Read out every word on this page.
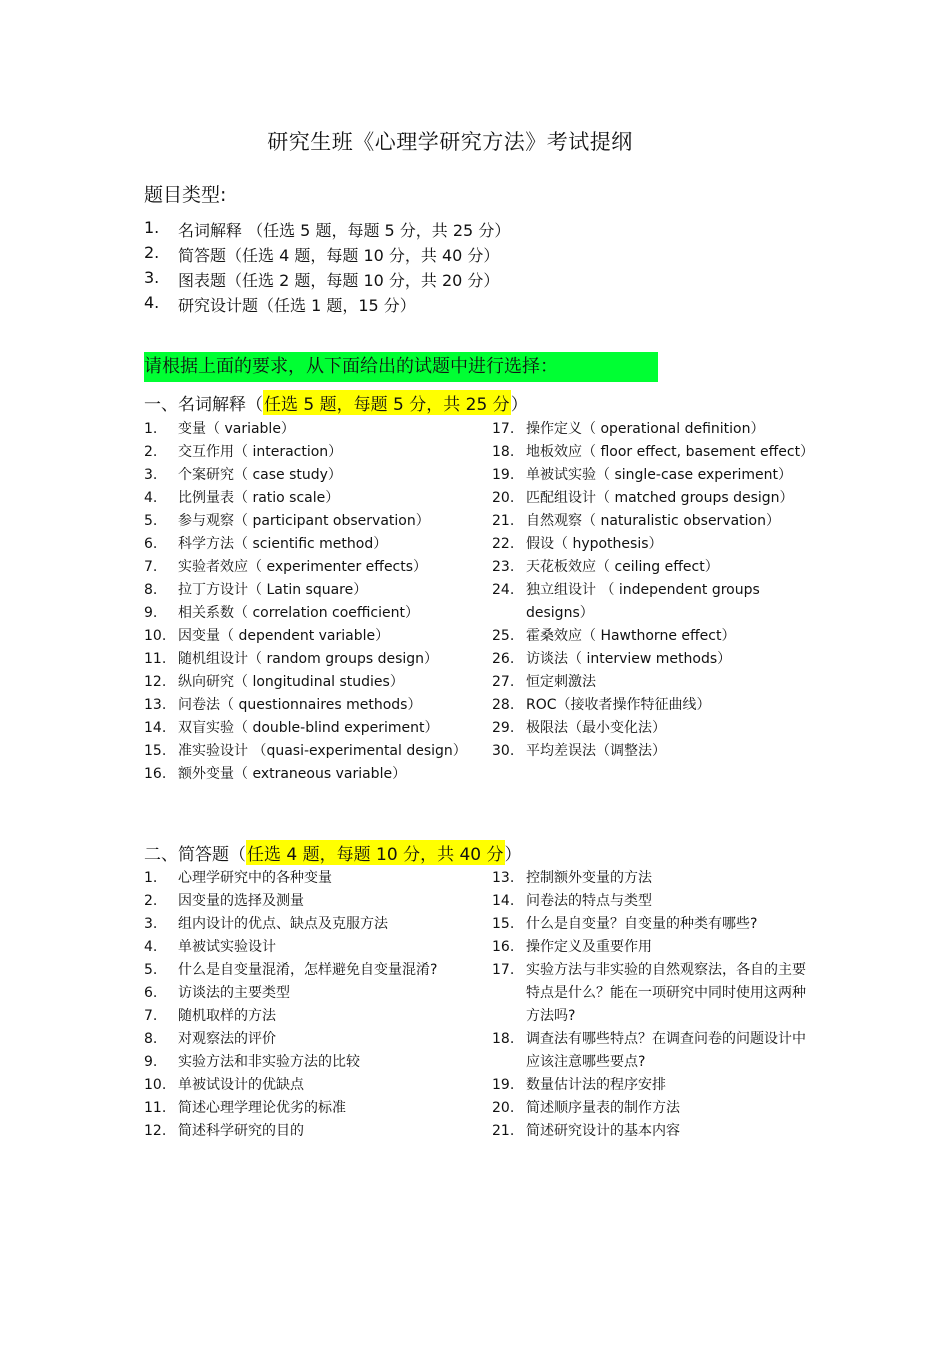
研究生班《心理学研究方法》考试提纲
题目类型:
1.	名词解释 （任选 5 题，每题 5 分，共 25 分）
2.	简答题（任选 4 题，每题 10 分，共 40 分）
3.	图表题（任选 2 题，每题 10 分，共 20 分）
4.	研究设计题（任选 1 题，15 分）
请根据上面的要求，从下面给出的试题中进行选择：
一、名词解释（ 任选 5 题，每题 5 分，共 25 分 ）
1.	变量（ variable）
2.	交互作用（ interaction）
3.	个案研究（ case study）
4.	比例量表（ ratio scale）
5.	参与观察（ participant observation）
6.	科学方法（ scientific method）
7.	实验者效应（ experimenter effects）
8.	拉丁方设计（ Latin square）
9.	相关系数（ correlation coefficient）
10. 因变量（ dependent variable）
11. 随机组设计（ random groups design）
12. 纵向研究（ longitudinal studies）
13. 问卷法（ questionnaires methods）
14. 双盲实验（ double-blind experiment）
15. 准实验设计 （quasi-experimental design）
16. 额外变量（ extraneous variable）
17. 操作定义（ operational definition）
18. 地板效应（ floor effect, basement effect）
19. 单被试实验（ single-case experiment）
20. 匹配组设计（ matched groups design）
21. 自然观察（ naturalistic observation）
22. 假设（ hypothesis）
23. 天花板效应（ ceiling effect）
24. 独立组设计 （ independent groups designs）
25. 霍桑效应（ Hawthorne effect）
26. 访谈法（ interview methods）
27. 恒定刺激法
28. ROC（接收者操作特征曲线）
29. 极限法（最小变化法）
30. 平均差误法（调整法）
二、简答题（ 任选 4 题，每题 10 分，共 40 分 ）
1.	心理学研究中的各种变量
2.	因变量的选择及测量
3.	组内设计的优点、缺点及克服方法
4.	单被试实验设计
5.	什么是自变量混淆，怎样避免自变量混淆?
6.	访谈法的主要类型
7.	随机取样的方法
8.	对观察法的评价
9.	实验方法和非实验方法的比较
10. 单被试设计的优缺点
11. 简述心理学理论优劣的标准
12. 简述科学研究的目的
13. 控制额外变量的方法
14. 问卷法的特点与类型
15. 什么是自变量？自变量的种类有哪些?
16. 操作定义及重要作用
17. 实验方法与非实验的自然观察法，各自的主要特点是什么？能在一项研究中同时使用这两种方法吗?
18. 调查法有哪些特点？在调查问卷的问题设计中应该注意哪些要点?
19. 数量估计法的程序安排
20. 简述顺序量表的制作方法
21. 简述研究设计的基本内容
